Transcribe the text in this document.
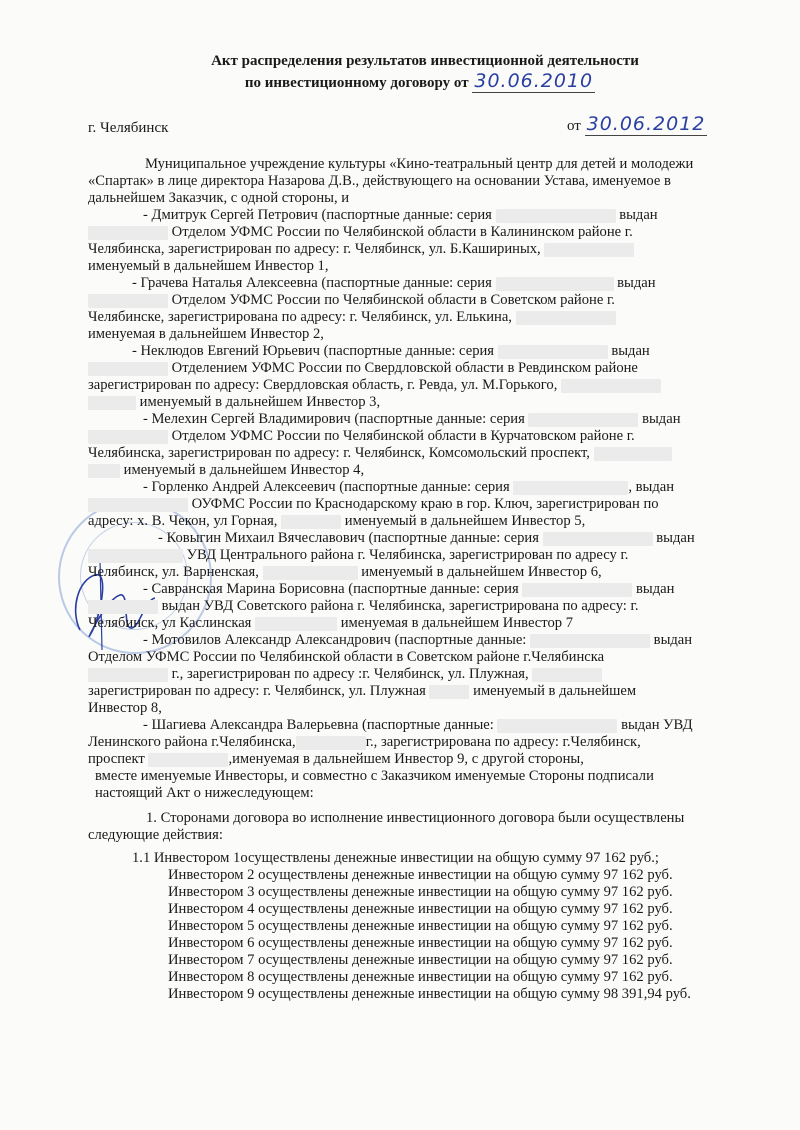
Акт распределения результатов инвестиционной деятельности
по инвестиционному договору от 30.06.2010
г. Челябинск	от 30.06.2012
Муниципальное учреждение культуры «Кино-театральный центр для детей и молодежи
«Спартак» в лице директора Назарова Д.В., действующего на основании Устава, именуемое в
дальнейшем Заказчик, с одной стороны, и
- Дмитрук Сергей Петрович (паспортные данные: серия	выдан
Отделом УФМС России по Челябинской области в Калининском районе г.
Челябинска, зарегистрирован по адресу: г. Челябинск, ул. Б.Кашириных,
именуемый в дальнейшем Инвестор 1,
- Грачева Наталья Алексеевна (паспортные данные: серия	выдан
Отделом УФМС России по Челябинской области в Советском районе г.
Челябинске, зарегистрирована по адресу: г. Челябинск, ул. Елькина,
именуемая в дальнейшем Инвестор 2,
- Неклюдов Евгений Юрьевич (паспортные данные: серия	выдан
Отделением УФМС России по Свердловской области в Ревдинском районе
зарегистрирован по адресу: Свердловская область, г. Ревда, ул. М.Горького,
именуемый в дальнейшем Инвестор 3,
- Мелехин Сергей Владимирович (паспортные данные: серия	выдан
Отделом УФМС России по Челябинской области в Курчатовском районе г.
Челябинска, зарегистрирован по адресу: г. Челябинск, Комсомольский проспект,
именуемый в дальнейшем Инвестор 4,
- Горленко Андрей Алексеевич (паспортные данные: серия	, выдан
ОУФМС России по Краснодарскому краю в гор. Ключ, зарегистрирован по
адресу: х. В. Чекон, ул Горная,	именуемый в дальнейшем Инвестор 5,
- Ковыгин Михаил Вячеславович (паспортные данные: серия	выдан
УВД Центрального района г. Челябинска, зарегистрирован по адресу г.
Челябинск, ул. Варненская,	именуемый в дальнейшем Инвестор 6,
- Савранская Марина Борисовна (паспортные данные: серия	выдан
выдан УВД Советского района г. Челябинска, зарегистрирована по адресу: г.
Челябинск, ул Каслинская	именуемая в дальнейшем Инвестор 7
- Мотовилов Александр Александрович (паспортные данные:	выдан
Отделом УФМС России по Челябинской области в Советском районе г.Челябинска
г., зарегистрирован по адресу :г. Челябинск, ул. Плужная,
зарегистрирован по адресу: г. Челябинск, ул. Плужная	именуемый в дальнейшем
Инвестор 8,
- Шагиева Александра Валерьевна (паспортные данные:	выдан УВД
Ленинского района г.Челябинска,	г., зарегистрирована по адресу: г.Челябинск,
проспект	,именуемая в дальнейшем Инвестор 9, с другой стороны,
вместе именуемые Инвесторы, и совместно с Заказчиком именуемые Стороны подписали
настоящий Акт о нижеследующем:
1. Сторонами договора во исполнение инвестиционного договора были осуществлены
следующие действия:
1.1 Инвестором 1осуществлены денежные инвестиции на общую сумму 97 162 руб.;
Инвестором 2 осуществлены денежные инвестиции на общую сумму 97 162 руб.
Инвестором 3 осуществлены денежные инвестиции на общую сумму 97 162 руб.
Инвестором 4 осуществлены денежные инвестиции на общую сумму 97 162 руб.
Инвестором 5 осуществлены денежные инвестиции на общую сумму 97 162 руб.
Инвестором 6 осуществлены денежные инвестиции на общую сумму 97 162 руб.
Инвестором 7 осуществлены денежные инвестиции на общую сумму 97 162 руб.
Инвестором 8 осуществлены денежные инвестиции на общую сумму 97 162 руб.
Инвестором 9 осуществлены денежные инвестиции на общую сумму 98 391,94 руб.
